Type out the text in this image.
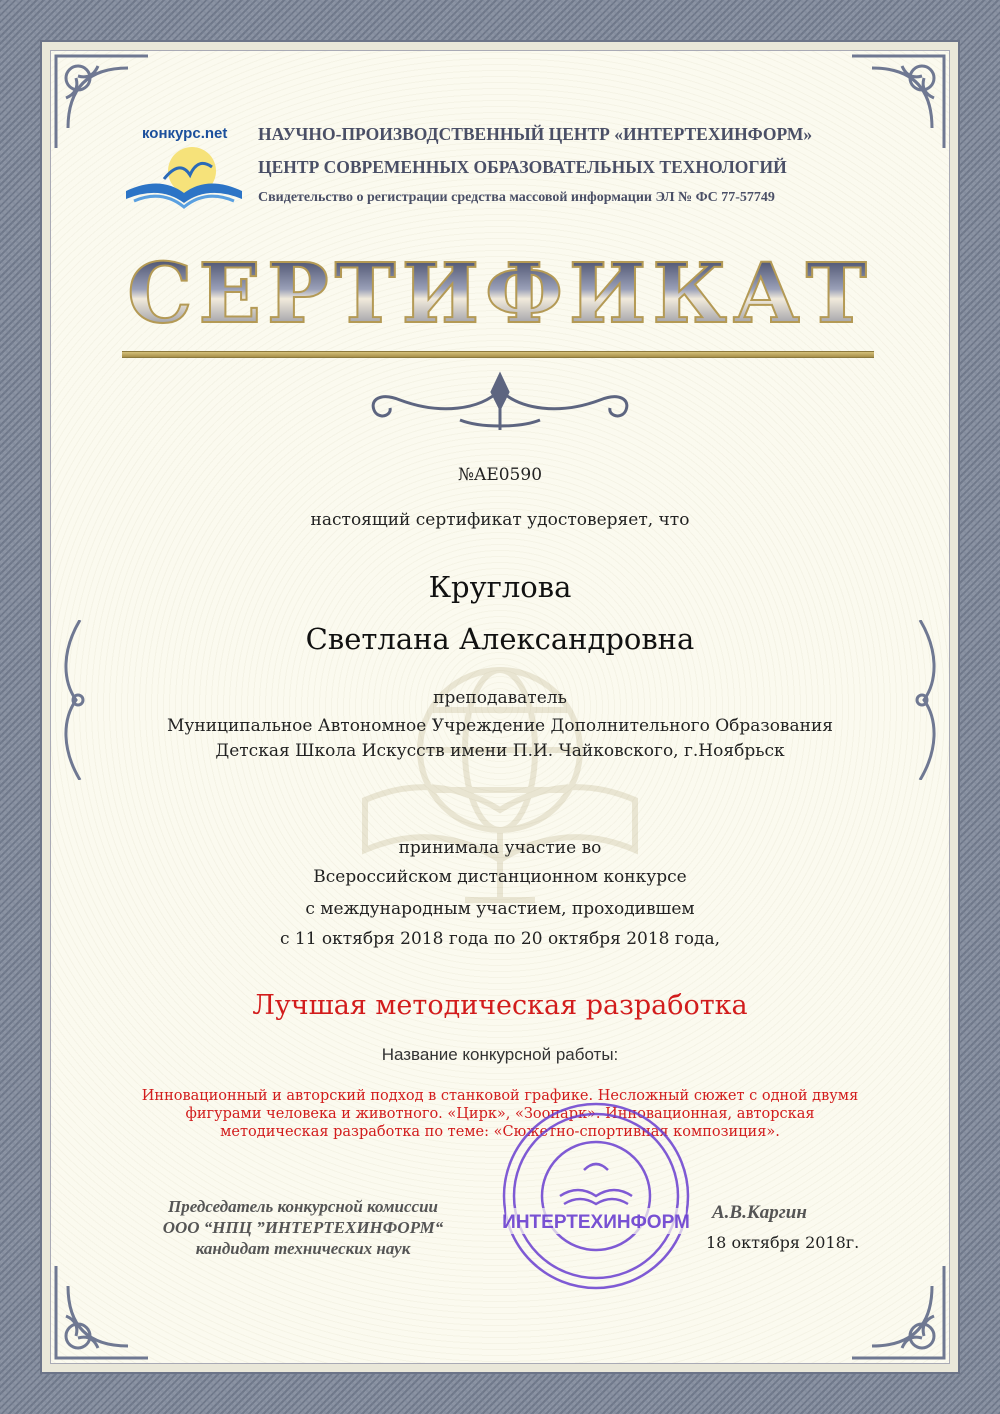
конкурс.net НАУЧНО-ПРОИЗВОДСТВЕННЫЙ ЦЕНТР «ИНТЕРТЕХИНФОРМ»
ЦЕНТР СОВРЕМЕННЫХ ОБРАЗОВАТЕЛЬНЫХ ТЕХНОЛОГИЙ
Свидетельство о регистрации средства массовой информации ЭЛ № ФС 77-57749
СЕРТИФИКАТ
№AE0590
настоящий сертификат удостоверяет, что
Круглова
Светлана Александровна
преподаватель
Муниципальное Автономное Учреждение Дополнительного Образования
Детская Школа Искусств имени П.И. Чайковского, г.Ноябрьск
принимала участие во
Всероссийском дистанционном конкурсе
с международным участием, проходившем
с 11 октября 2018 года по 20 октября 2018 года,
Лучшая методическая разработка
Название конкурсной работы:
Инновационный и авторский подход в станковой графике. Несложный сюжет с одной двумя фигурами человека и животного. «Цирк», «Зоопарк». Инновационная, авторская методическая разработка по теме: «Сюжетно-спортивная композиция».
Председатель конкурсной комиссии
ООО “НПЦ ”ИНТЕРТЕХИНФОРМ“
кандидат технических наук
А.В.Каргин
18 октября 2018г.
ИНТЕРТЕХИНФОРМ
